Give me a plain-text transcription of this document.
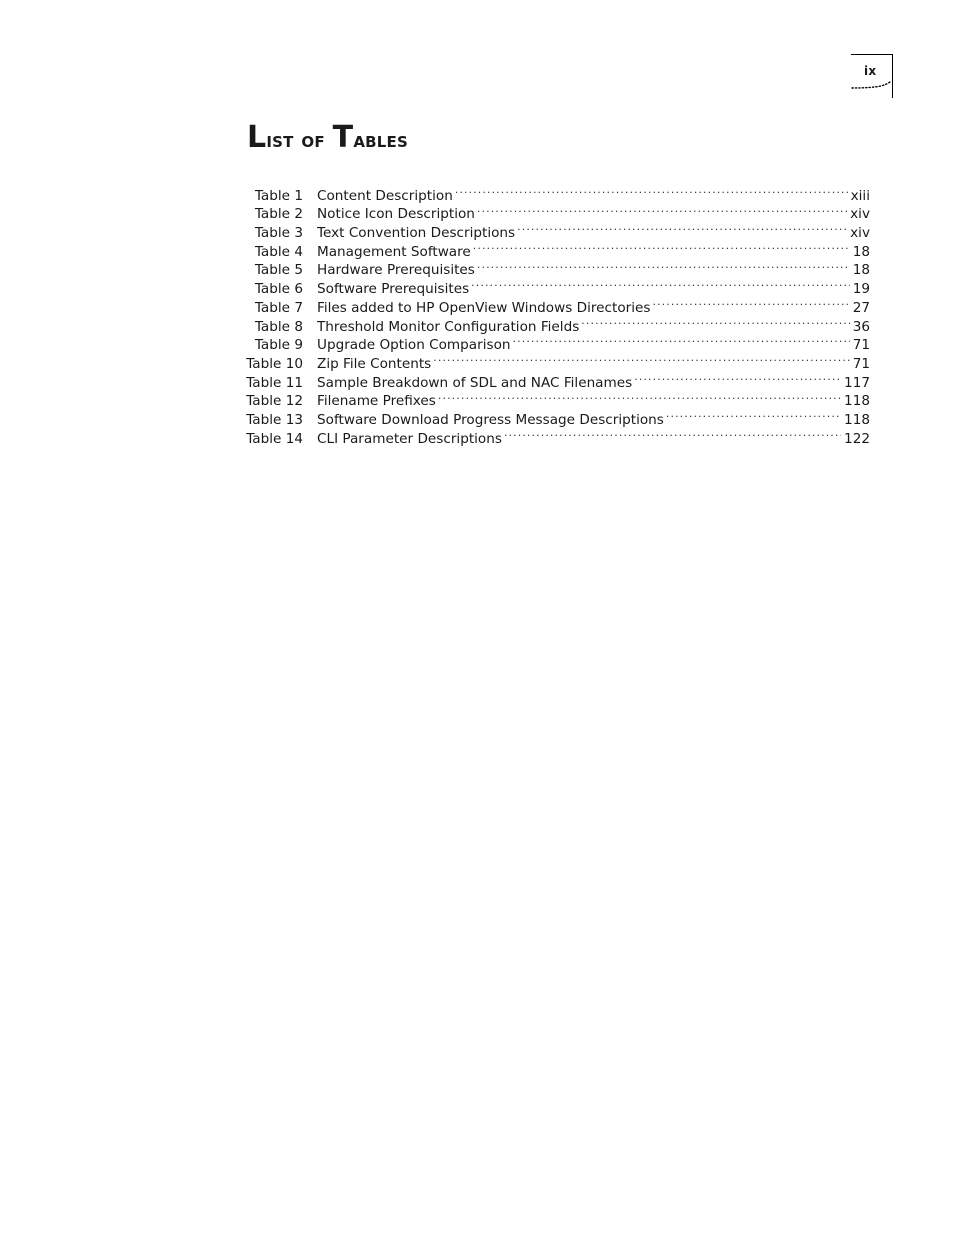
ix
List of Tables
Table 1	Content Description .....	xiii
Table 2	Notice Icon Description .....	xiv
Table 3	Text Convention Descriptions .....	xiv
Table 4	Management Software .....	18
Table 5	Hardware Prerequisites .....	18
Table 6	Software Prerequisites .....	19
Table 7	Files added to HP OpenView Windows Directories .....	27
Table 8	Threshold Monitor Configuration Fields .....	36
Table 9	Upgrade Option Comparison .....	71
Table 10	Zip File Contents .....	71
Table 11	Sample Breakdown of SDL and NAC Filenames .....	117
Table 12	Filename Prefixes .....	118
Table 13	Software Download Progress Message Descriptions .....	118
Table 14	CLI Parameter Descriptions .....	122
